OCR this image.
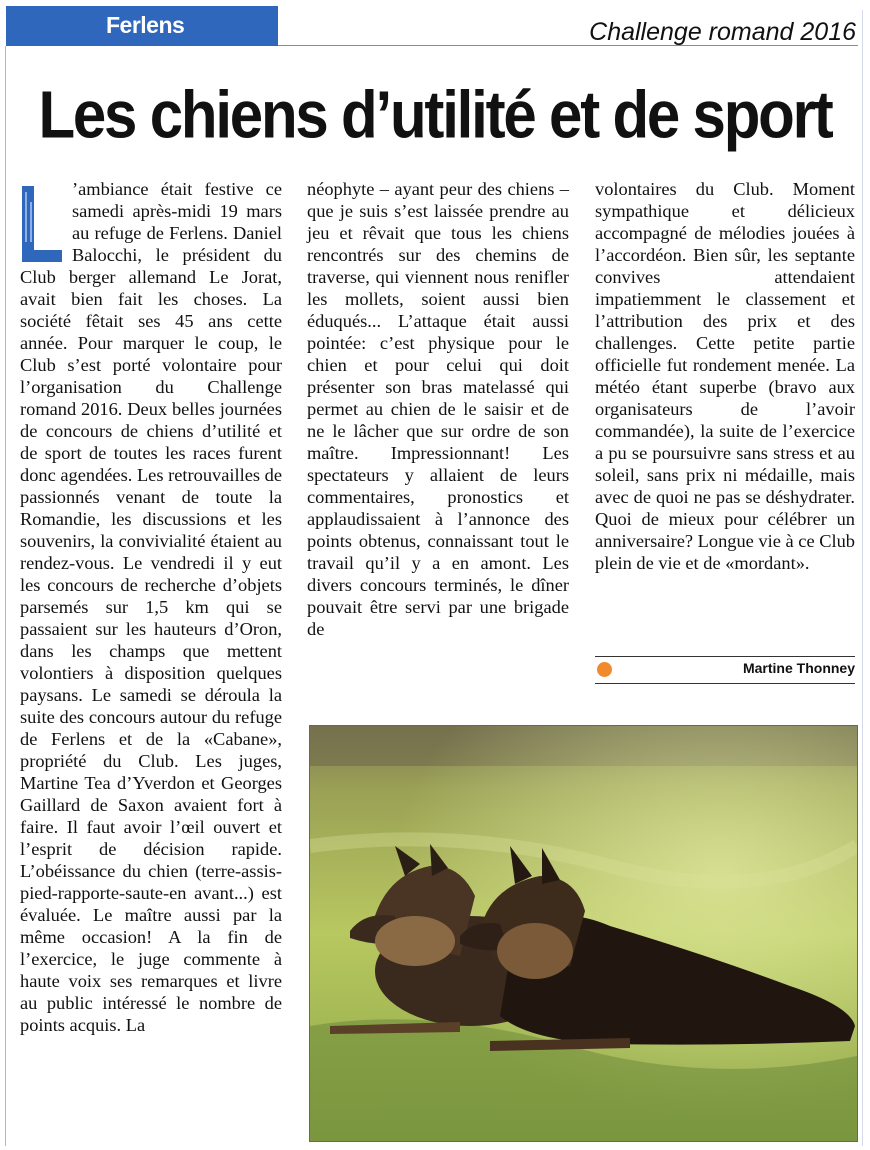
Ferlens	Challenge romand 2016
Les chiens d’utilité et de sport
’ambiance était festive ce samedi après-midi 19 mars au refuge de Ferlens. Daniel Balocchi, le président du Club berger allemand Le Jorat, avait bien fait les choses. La société fêtait ses 45 ans cette année. Pour marquer le coup, le Club s’est porté volontaire pour l’organisation du Challenge romand 2016. Deux belles journées de concours de chiens d’utilité et de sport de toutes les races furent donc agendées. Les retrouvailles de passionnés venant de toute la Romandie, les discussions et les souvenirs, la convivialité étaient au rendez-vous. Le vendredi il y eut les concours de recherche d’objets parsemés sur 1,5 km qui se passaient sur les hauteurs d’Oron, dans les champs que mettent volontiers à disposition quelques paysans. Le samedi se déroula la suite des concours autour du refuge de Ferlens et de la «Cabane», propriété du Club. Les juges, Martine Tea d’Yverdon et Georges Gaillard de Saxon avaient fort à faire. Il faut avoir l’œil ouvert et l’esprit de décision rapide. L’obéissance du chien (terre-assis-pied-rapporte-saute-en avant...) est évaluée. Le maître aussi par la même occasion! A la fin de l’exercice, le juge commente à haute voix ses remarques et livre au public intéressé le nombre de points acquis. La
néophyte – ayant peur des chiens – que je suis s’est laissée prendre au jeu et rêvait que tous les chiens rencontrés sur des chemins de traverse, qui viennent nous renifler les mollets, soient aussi bien éduqués... L’attaque était aussi pointée: c’est physique pour le chien et pour celui qui doit présenter son bras matelassé qui permet au chien de le saisir et de ne le lâcher que sur ordre de son maître. Impressionnant! Les spectateurs y allaient de leurs commentaires, pronostics et applaudissaient à l’annonce des points obtenus, connaissant tout le travail qu’il y a en amont. Les divers concours terminés, le dîner pouvait être servi par une brigade de
volontaires du Club. Moment sympathique et délicieux accompagné de mélodies jouées à l’accordéon. Bien sûr, les septante convives attendaient impatiemment le classement et l’attribution des prix et des challenges. Cette petite partie officielle fut rondement menée. La météo étant superbe (bravo aux organisateurs de l’avoir commandée), la suite de l’exercice a pu se poursuivre sans stress et au soleil, sans prix ni médaille, mais avec de quoi ne pas se déshydrater. Quoi de mieux pour célébrer un anniversaire? Longue vie à ce Club plein de vie et de «mordant».
Martine Thonney
